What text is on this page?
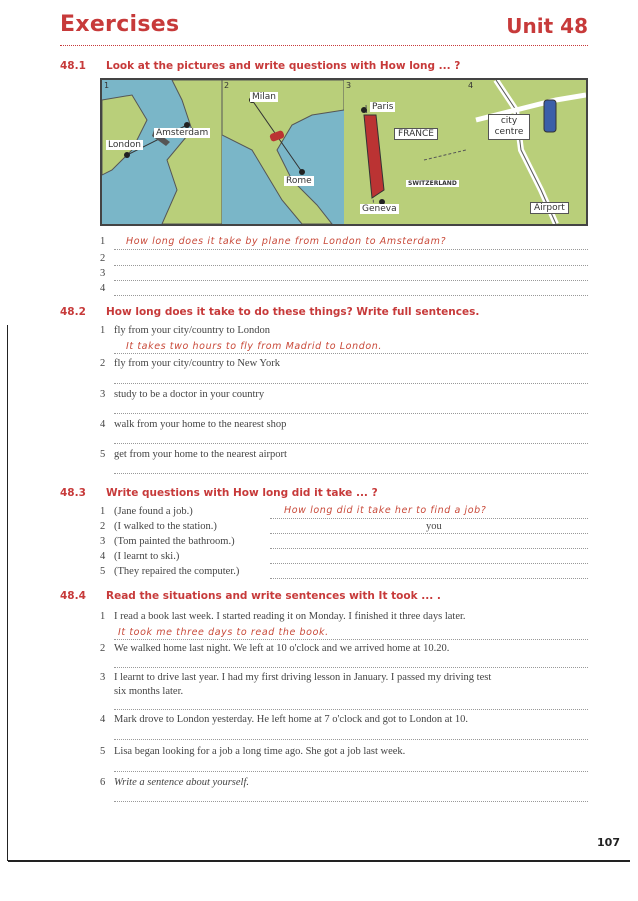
Exercises	Unit 48
48.1 Look at the pictures and write questions with How long ... ?
1
London
Amsterdam
2
Milan
Rome
3
Paris
FRANCE
SWITZERLAND
Geneva
4
city centre
Airport
1	How long does it take by plane from London to Amsterdam?
2
3
4
48.2 How long does it take to do these things? Write full sentences.
1 fly from your city/country to London
It takes two hours to fly from Madrid to London.
2 fly from your city/country to New York
3 study to be a doctor in your country
4 walk from your home to the nearest shop
5 get from your home to the nearest airport
48.3 Write questions with How long did it take ... ?
1 (Jane found a job.)	How long did it take her to find a job?
2 (I walked to the station.)	you
3 (Tom painted the bathroom.)
4 (I learnt to ski.)
5 (They repaired the computer.)
48.4 Read the situations and write sentences with It took ... .
1 I read a book last week. I started reading it on Monday. I finished it three days later.
It took me three days to read the book.
2 We walked home last night. We left at 10 o'clock and we arrived home at 10.20.
3 I learnt to drive last year. I had my first driving lesson in January. I passed my driving test
six months later.
4 Mark drove to London yesterday. He left home at 7 o'clock and got to London at 10.
5 Lisa began looking for a job a long time ago. She got a job last week.
6 Write a sentence about yourself.
107
